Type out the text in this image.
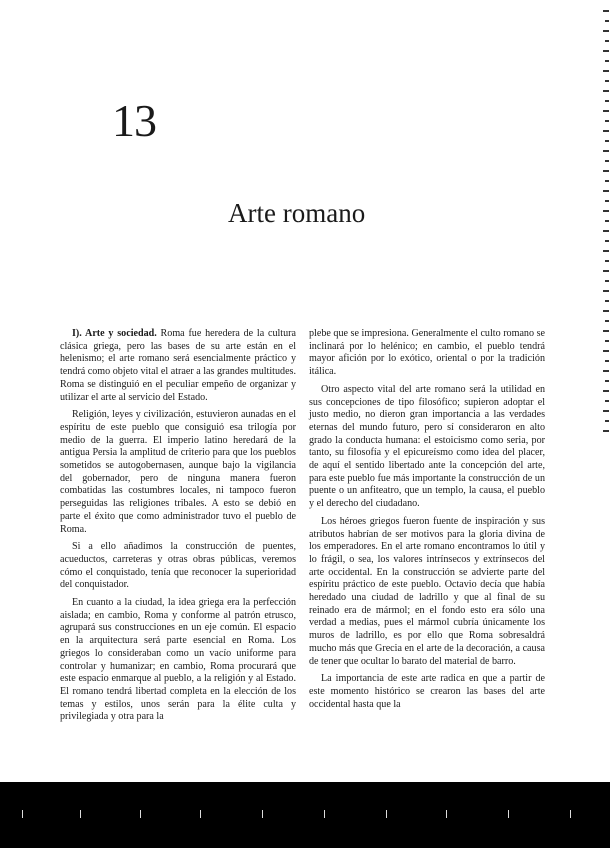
13
Arte romano

I). Arte y sociedad. Roma fue heredera de la cultura clásica griega, pero las bases de su arte están en el helenismo; el arte romano será esencialmente práctico y tendrá como objeto vital el atraer a las grandes multitudes. Roma se distinguió en el peculiar empeño de organizar y utilizar el arte al servicio del Estado.

Religión, leyes y civilización, estuvieron aunadas en el espíritu de este pueblo que consiguió esa trilogía por medio de la guerra. El imperio latino heredará de la antigua Persia la amplitud de criterio para que los pueblos sometidos se autogobernasen, aunque bajo la vigilancia del gobernador, pero de ninguna manera fueron combatidas las costumbres locales, ni tampoco fueron perseguidas las religiones tribales. A esto se debió en parte el éxito que como administrador tuvo el pueblo de Roma.

Si a ello añadimos la construcción de puentes, acueductos, carreteras y otras obras públicas, veremos cómo el conquistado, tenía que reconocer la superioridad del conquistador.

En cuanto a la ciudad, la idea griega era la perfección aislada; en cambio, Roma y conforme al patrón etrusco, agrupará sus construcciones en un eje común. El espacio en la arquitectura será parte esencial en Roma. Los griegos lo consideraban como un vacío uniforme para controlar y humanizar; en cambio, Roma procurará que este espacio enmarque al pueblo, a la religión y al Estado. El romano tendrá libertad completa en la elección de los temas y estilos, unos serán para la élite culta y privilegiada y otra para la

plebe que se impresiona. Generalmente el culto romano se inclinará por lo helénico; en cambio, el pueblo tendrá mayor afición por lo exótico, oriental o por la tradición itálica.

Otro aspecto vital del arte romano será la utilidad en sus concepciones de tipo filosófico; supieron adoptar el justo medio, no dieron gran importancia a las verdades eternas del mundo futuro, pero sí consideraron en alto grado la conducta humana: el estoicismo como seria, por tanto, su filosofía y el epicureísmo como idea del placer, de aquí el sentido libertado ante la concepción del arte, para este pueblo fue más importante la construcción de un puente o un anfiteatro, que un templo, la causa, el pueblo y el derecho del ciudadano.

Los héroes griegos fueron fuente de inspiración y sus atributos habrían de ser motivos para la gloria divina de los emperadores. En el arte romano encontramos lo útil y lo frágil, o sea, los valores intrínsecos y extrínsecos del arte occidental. En la construcción se advierte parte del espíritu práctico de este pueblo. Octavio decía que había heredado una ciudad de ladrillo y que al final de su reinado era de mármol; en el fondo esto era sólo una verdad a medias, pues el mármol cubría únicamente los muros de ladrillo, es por ello que Roma sobresaldrá mucho más que Grecia en el arte de la decoración, a causa de tener que ocultar lo barato del material de barro.

La importancia de este arte radica en que a partir de este momento histórico se crearon las bases del arte occidental hasta que la
